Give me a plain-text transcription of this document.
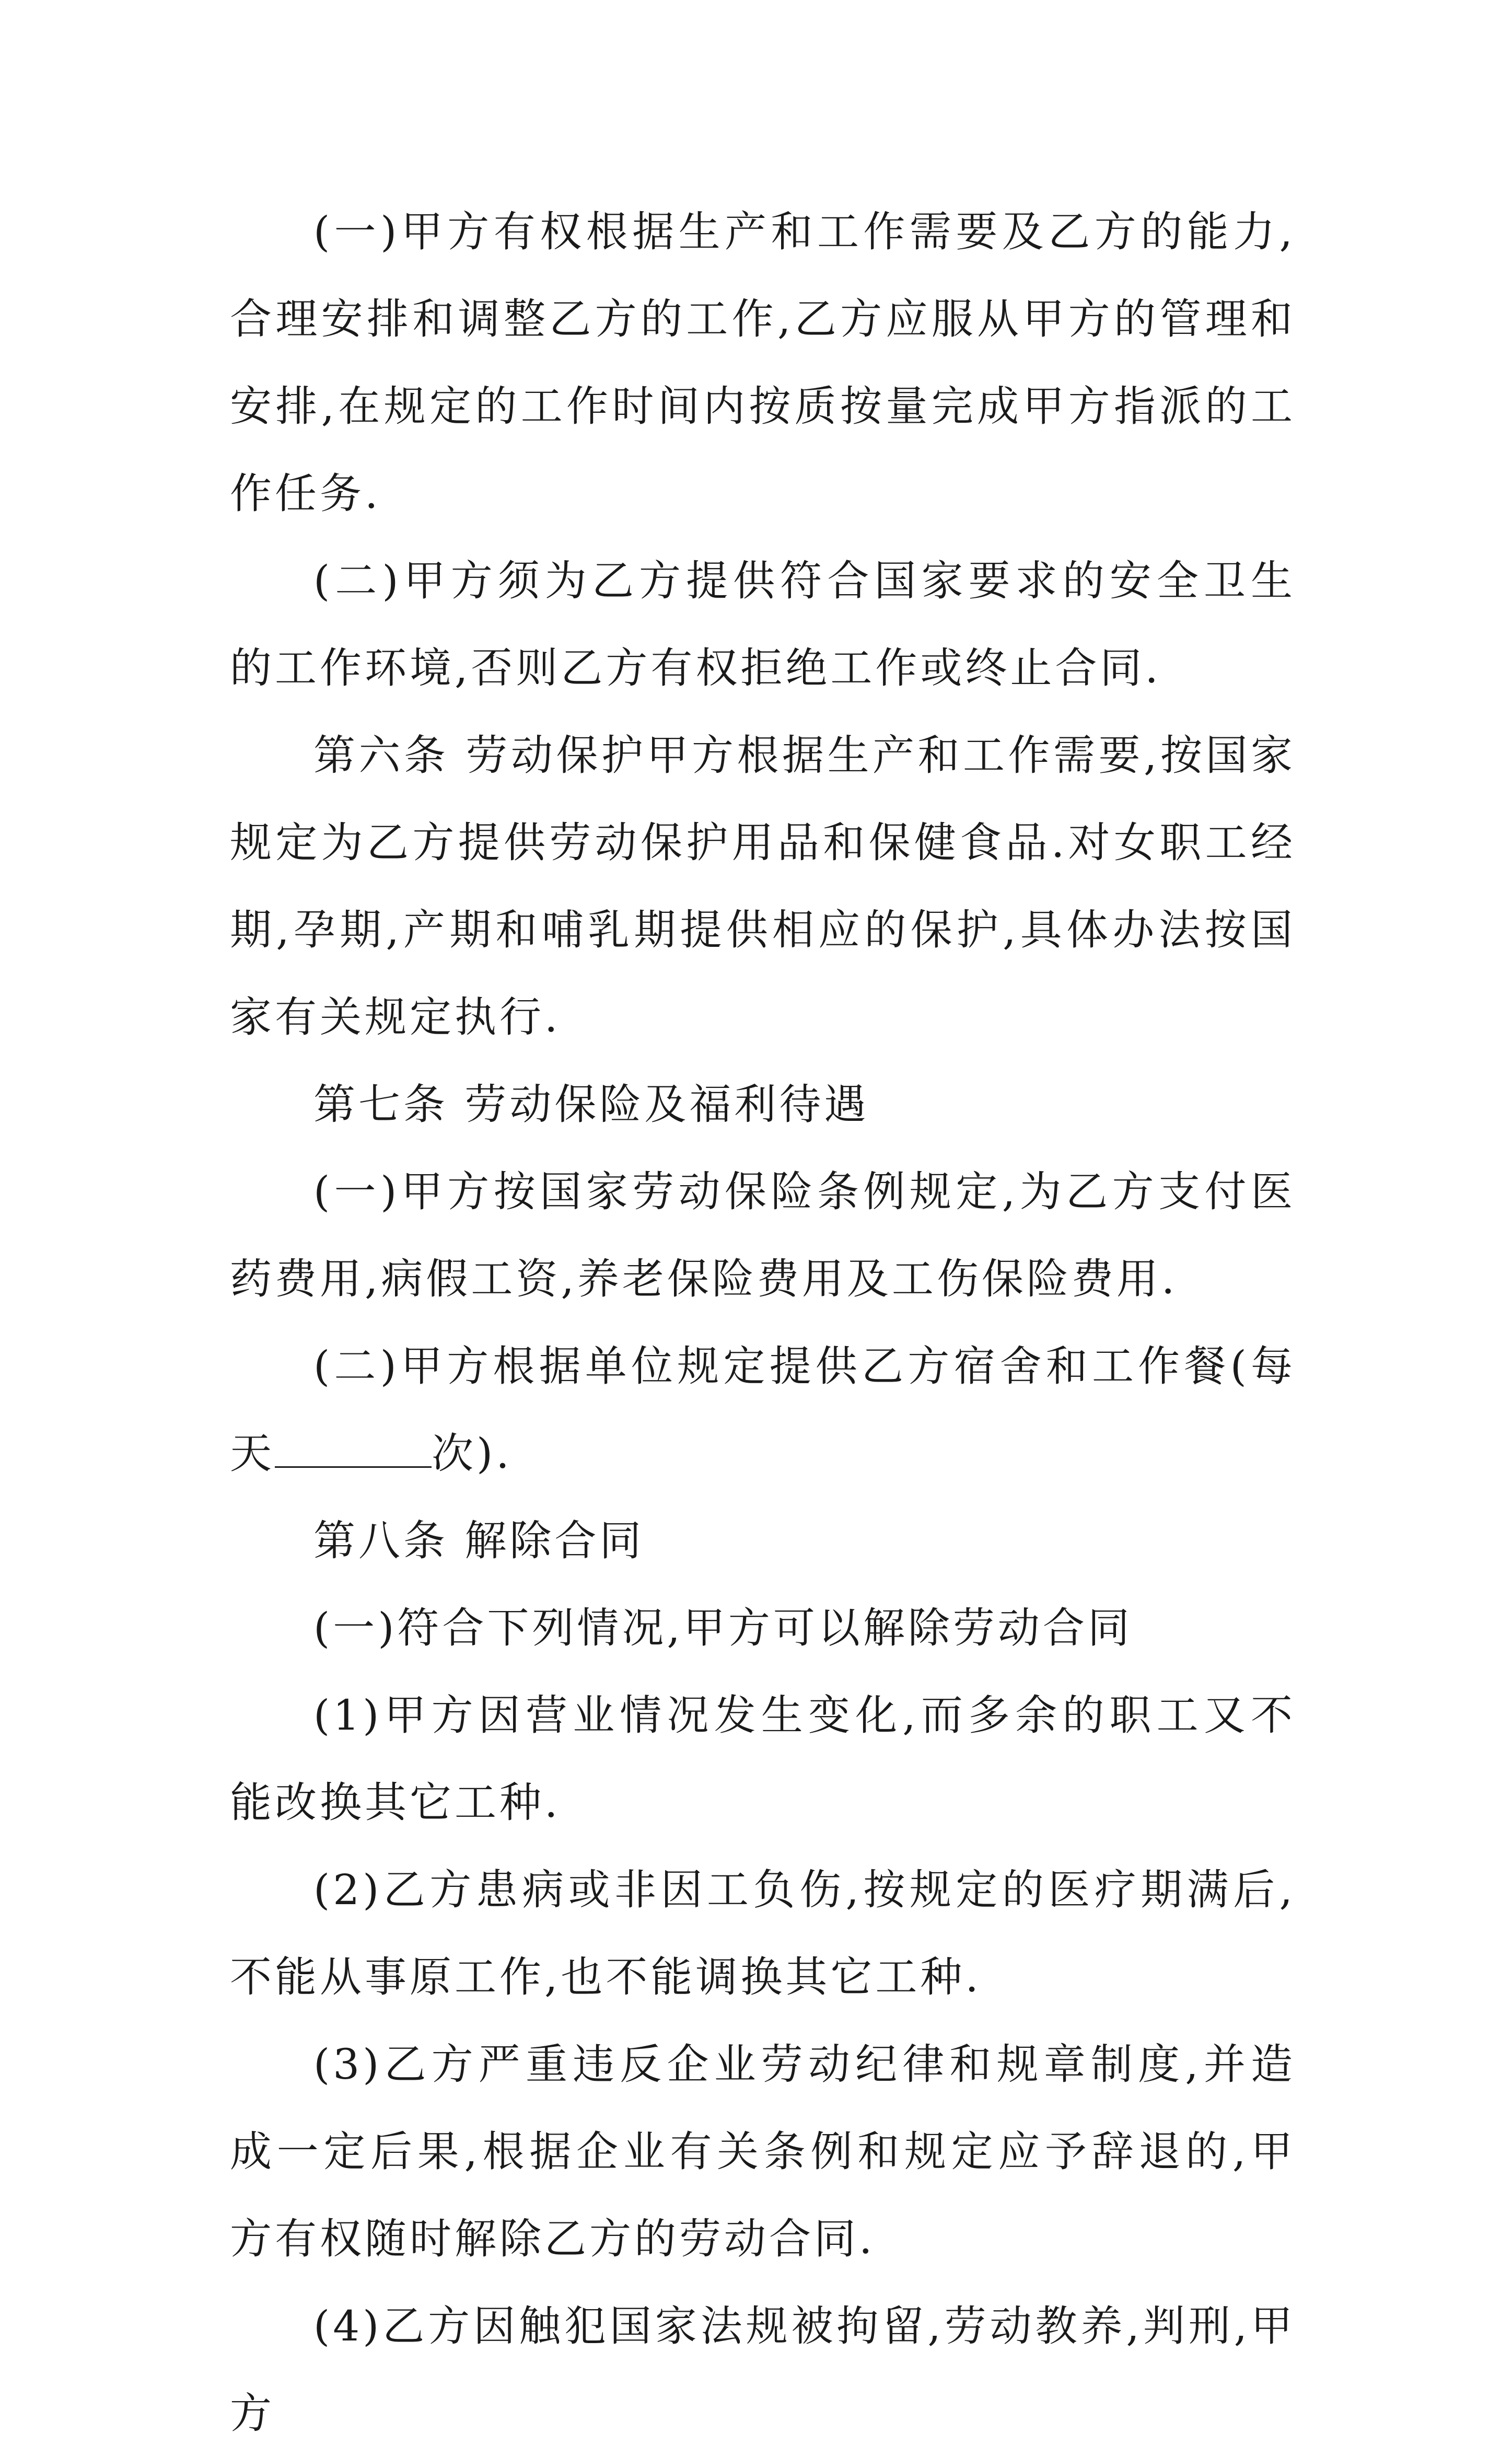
(一)甲方有权根据生产和工作需要及乙方的能力,合理安排和调整乙方的工作,乙方应服从甲方的管理和安排,在规定的工作时间内按质按量完成甲方指派的工作任务.

(二)甲方须为乙方提供符合国家要求的安全卫生的工作环境,否则乙方有权拒绝工作或终止合同.

第六条 劳动保护甲方根据生产和工作需要,按国家规定为乙方提供劳动保护用品和保健食品.对女职工经期,孕期,产期和哺乳期提供相应的保护,具体办法按国家有关规定执行.

第七条 劳动保险及福利待遇

(一)甲方按国家劳动保险条例规定,为乙方支付医药费用,病假工资,养老保险费用及工伤保险费用.

(二)甲方根据单位规定提供乙方宿舍和工作餐(每天	次).

第八条 解除合同

(一)符合下列情况,甲方可以解除劳动合同

(1)甲方因营业情况发生变化,而多余的职工又不能改换其它工种.

(2)乙方患病或非因工负伤,按规定的医疗期满后,不能从事原工作,也不能调换其它工种.

(3)乙方严重违反企业劳动纪律和规章制度,并造成一定后果,根据企业有关条例和规定应予辞退的,甲方有权随时解除乙方的劳动合同.

(4)乙方因触犯国家法规被拘留,劳动教养,判刑,甲方
